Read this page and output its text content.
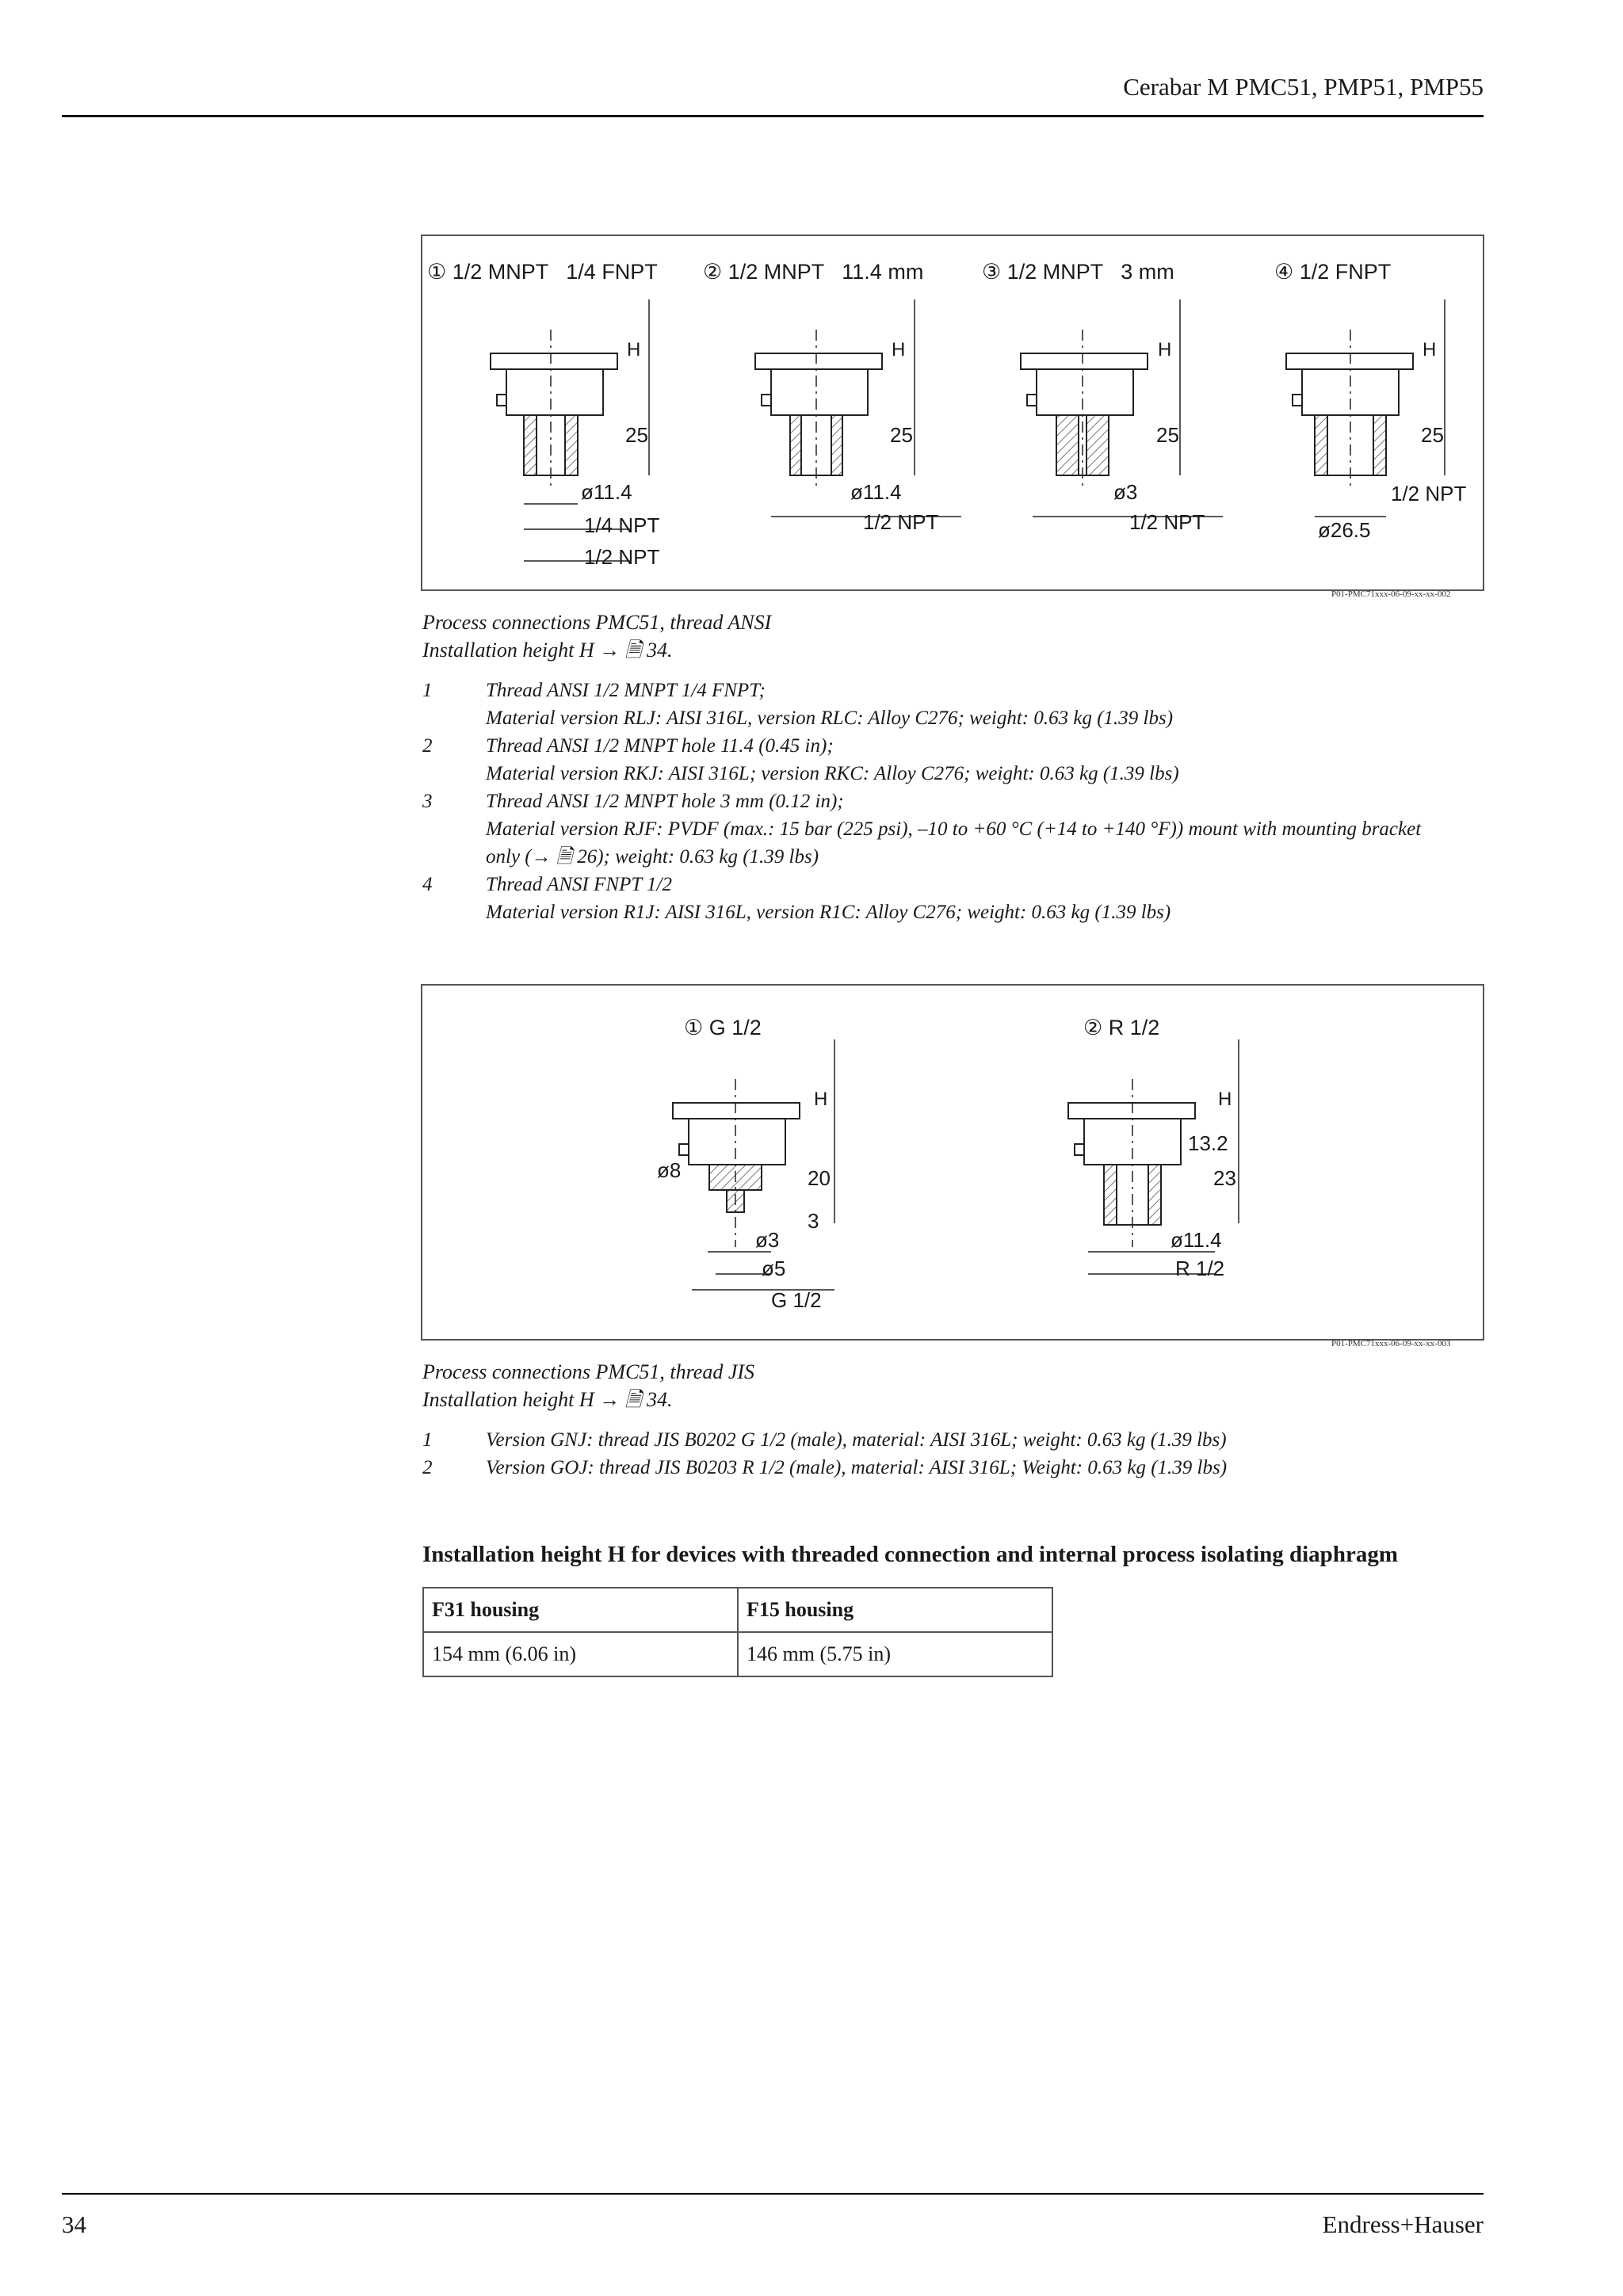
Cerabar M PMC51, PMP51, PMP55
① 1/2 MNPT   1/4 FNPT ② 1/2 MNPT   11.4 mm	③ 1/2 MNPT   3 mm	④ 1/2 FNPT
H	H	H	H
25	25	25	25
ø11.4
1/4 NPT
1/2 NPT
ø11.4
1/2 NPT
ø3
1/2 NPT
1/2 NPT
ø26.5
P01-PMC71xxx-06-09-xx-xx-002
Process connections PMC51, thread ANSI
Installation height H → 🗎 34.
1	Thread ANSI 1/2 MNPT 1/4 FNPT;
Material version RLJ: AISI 316L, version RLC: Alloy C276; weight: 0.63 kg (1.39 lbs)
2	Thread ANSI 1/2 MNPT hole 11.4 (0.45 in);
Material version RKJ: AISI 316L; version RKC: Alloy C276; weight: 0.63 kg (1.39 lbs)
3	Thread ANSI 1/2 MNPT hole 3 mm (0.12 in);
Material version RJF: PVDF (max.: 15 bar (225 psi), –10 to +60 °C (+14 to +140 °F)) mount with mounting bracket
only (→ 🗎 26); weight: 0.63 kg (1.39 lbs)
4	Thread ANSI FNPT 1/2
Material version R1J: AISI 316L, version R1C: Alloy C276; weight: 0.63 kg (1.39 lbs)
① G 1/2	② R 1/2
H	H
ø8	20
3
ø3
ø5
G 1/2
13.2
23
ø11.4
R 1/2
P01-PMC71xxx-06-09-xx-xx-003
Process connections PMC51, thread JIS
Installation height H → 🗎 34.
1	Version GNJ: thread JIS B0202 G 1/2 (male), material: AISI 316L; weight: 0.63 kg (1.39 lbs)
2	Version GOJ: thread JIS B0203 R 1/2 (male), material: AISI 316L; Weight: 0.63 kg (1.39 lbs)
Installation height H for devices with threaded connection and internal process isolating diaphragm
F31 housing	F15 housing
154 mm (6.06 in)	146 mm (5.75 in)
34	Endress+Hauser
